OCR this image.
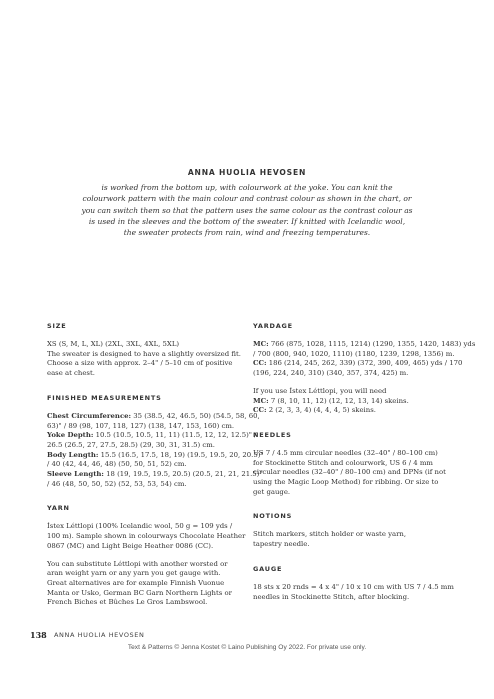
ANNA HUOLIA HEVOSEN
is worked from the bottom up, with colourwork at the yoke. You can knit the
colourwork pattern with the main colour and contrast colour as shown in the chart, or
you can switch them so that the pattern uses the same colour as the contrast colour as
is used in the sleeves and the bottom of the sweater. If knitted with Icelandic wool,
the sweater protects from rain, wind and freezing temperatures.
SIZE
XS (S, M, L, XL) (2XL, 3XL, 4XL, 5XL)
The sweater is designed to have a slightly oversized fit.
Choose a size with approx. 2–4" / 5–10 cm of positive
ease at chest.
FINISHED MEASUREMENTS
Chest Circumference: 35 (38.5, 42, 46.5, 50) (54.5, 58, 60,
63)" / 89 (98, 107, 118, 127) (138, 147, 153, 160) cm.
Yoke Depth: 10.5 (10.5, 10.5, 11, 11) (11.5, 12, 12, 12.5)" /
26.5 (26.5, 27, 27.5, 28.5) (29, 30, 31, 31.5) cm.
Body Length: 15.5 (16.5, 17.5, 18, 19) (19.5, 19.5, 20, 20.5)"
/ 40 (42, 44, 46, 48) (50, 50, 51, 52) cm.
Sleeve Length: 18 (19, 19.5, 19.5, 20.5) (20.5, 21, 21, 21.5)"
/ 46 (48, 50, 50, 52) (52, 53, 53, 54) cm.
YARN
Ístex Léttlopi (100% Icelandic wool, 50 g = 109 yds /
100 m). Sample shown in colourways Chocolate Heather
0867 (MC) and Light Beige Heather 0086 (CC).
You can substitute Léttlopi with another worsted or
aran weight yarn or any yarn you get gauge with.
Great alternatives are for example Finnish Vuonue
Manta or Usko, German BC Garn Northern Lights or
French Biches et Bûches Le Gros Lambswool.
YARDAGE
MC: 766 (875, 1028, 1115, 1214) (1290, 1355, 1420, 1483) yds
/ 700 (800, 940, 1020, 1110) (1180, 1239, 1298, 1356) m.
CC: 186 (214, 245, 262, 339) (372, 390, 409, 465) yds / 170
(196, 224, 240, 310) (340, 357, 374, 425) m.
If you use Ístex Léttlopi, you will need
MC: 7 (8, 10, 11, 12) (12, 12, 13, 14) skeins.
CC: 2 (2, 3, 3, 4) (4, 4, 4, 5) skeins.
NEEDLES
US 7 / 4.5 mm circular needles (32–40" / 80–100 cm)
for Stockinette Stitch and colourwork, US 6 / 4 mm
circular needles (32–40" / 80–100 cm) and DPNs (if not
using the Magic Loop Method) for ribbing. Or size to
get gauge.
NOTIONS
Stitch markers, stitch holder or waste yarn,
tapestry needle.
GAUGE
18 sts x 20 rnds = 4 x 4" / 10 x 10 cm with US 7 / 4.5 mm
needles in Stockinette Stitch, after blocking.
138 ANNA HUOLIA HEVOSEN
Text & Patterns © Jenna Kostet © Laino Publishing Oy 2022. For private use only.
